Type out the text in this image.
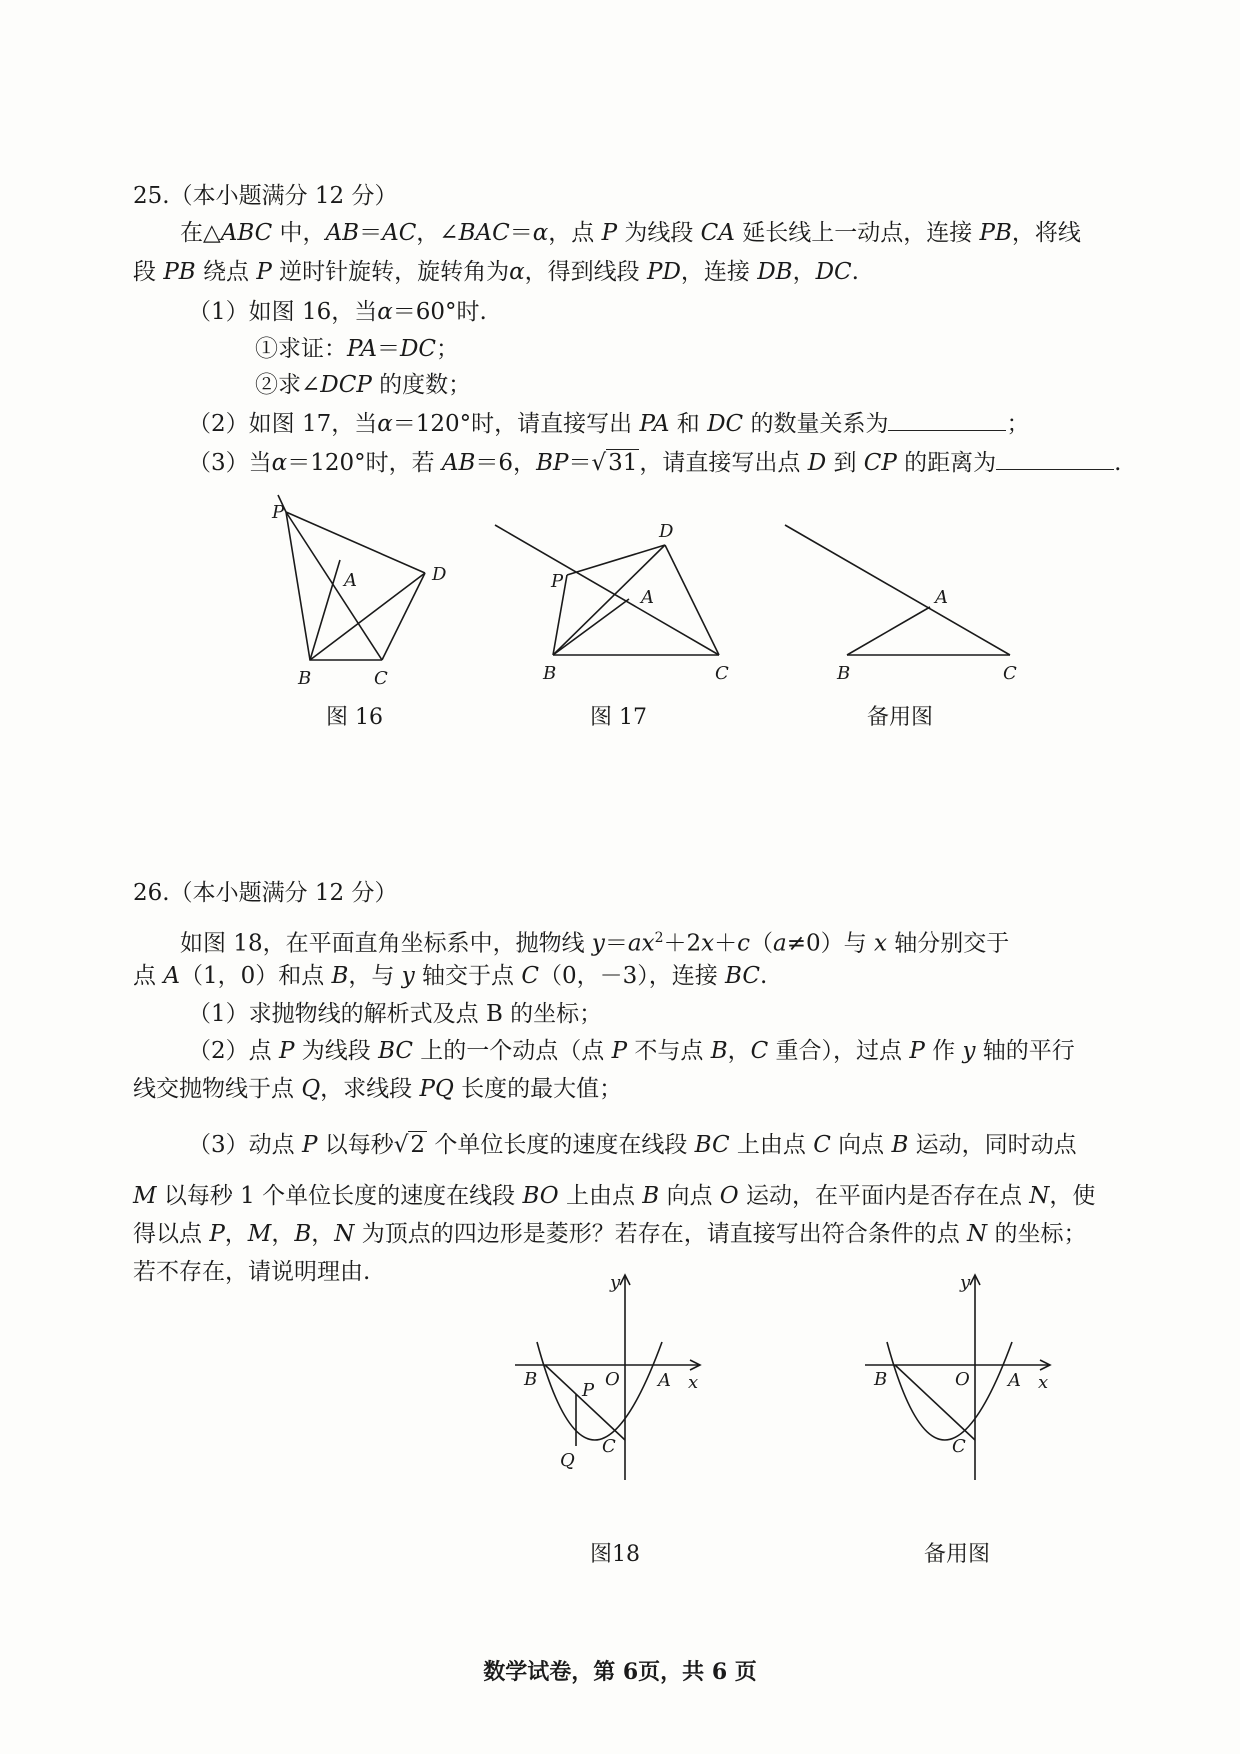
25.（本小题满分 12 分）
在△ABC 中，AB＝AC，∠BAC＝α，点 P 为线段 CA 延长线上一动点，连接 PB，将线
段 PB 绕点 P 逆时针旋转，旋转角为α，得到线段 PD，连接 DB，DC.
（1）如图 16，当α＝60°时.
①求证：PA＝DC；
②求∠DCP 的度数；
（2）如图 17，当α＝120°时，请直接写出 PA 和 DC 的数量关系为	；
（3）当α＝120°时，若 AB＝6，BP＝√31，请直接写出点 D 到 CP 的距离为	.
P
A	D
B	C
图 16
P
A
D
B	C
图 17
A
B	C
备用图
26.（本小题满分 12 分）
如图 18，在平面直角坐标系中，抛物线 $y=ax^2+2x+c(a\ne 0)$与 x 轴分别交于
点 A（1，0）和点 B，与 y 轴交于点 C（0，－3），连接 BC.
（1）求抛物线的解析式及点 B 的坐标；
（2）点 P 为线段 BC 上的一个动点（点 P 不与点 B，C 重合），过点 P 作 y 轴的平行
线交抛物线于点 Q，求线段 PQ 长度的最大值；
（3）动点 P 以每秒√2 个单位长度的速度在线段 BC 上由点 C 向点 B 运动，同时动点
M 以每秒 1 个单位长度的速度在线段 BO 上由点 B 向点 O 运动，在平面内是否存在点 N，使
得以点 P，M，B，N 为顶点的四边形是菱形？若存在，请直接写出符合条件的点 N 的坐标；
若不存在，请说明理由.	y
x
O A
B
C
P
Q
图18
y
x
O A
B
C
备用图
数学试卷，第 6页，共 6 页
